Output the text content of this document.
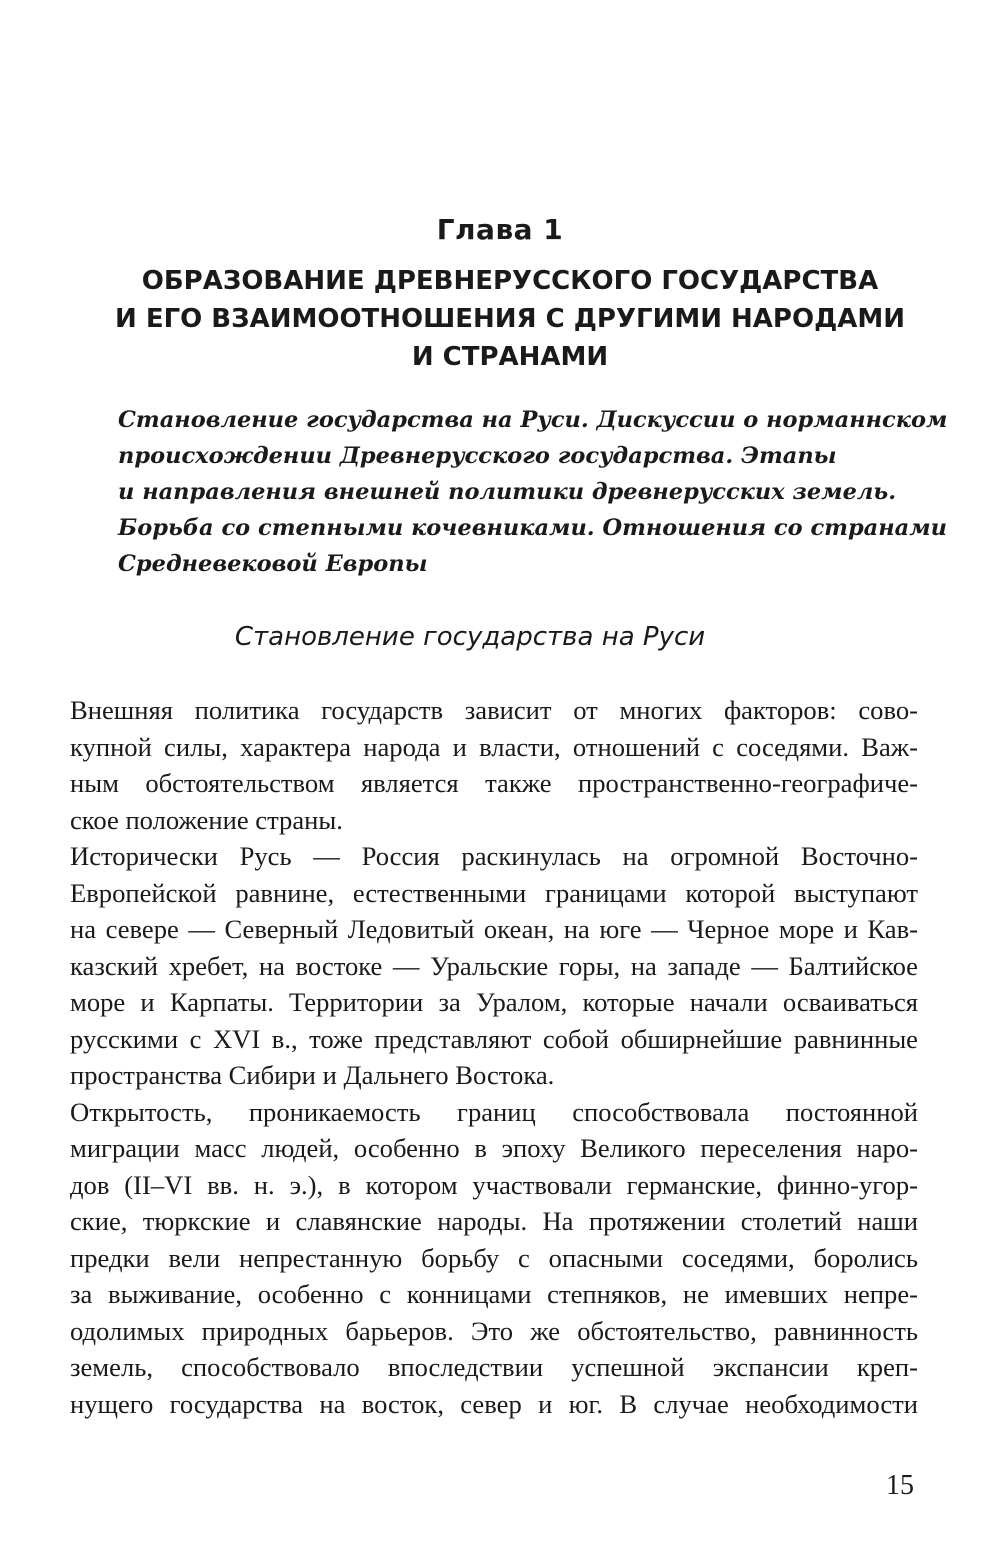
Глава 1
ОБРАЗОВАНИЕ ДРЕВНЕРУССКОГО ГОСУДАРСТВА
И ЕГО ВЗАИМООТНОШЕНИЯ С ДРУГИМИ НАРОДАМИ
И СТРАНАМИ
Становление государства на Руси. Дискуссии о норманнском
происхождении Древнерусского государства. Этапы
и направления внешней политики древнерусских земель.
Борьба со степными кочевниками. Отношения со странами
Средневековой Европы
Становление государства на Руси

Внешняя политика государств зависит от многих факторов: сово-
купной силы, характера народа и власти, отношений с соседями. Важ-
ным обстоятельством является также пространственно-географиче-
ское положение страны.

Исторически Русь — Россия раскинулась на огромной Восточно-
Европейской равнине, естественными границами которой выступают
на севере — Северный Ледовитый океан, на юге — Черное море и Кав-
казский хребет, на востоке — Уральские горы, на западе — Балтийское
море и Карпаты. Территории за Уралом, которые начали осваиваться
русскими с XVI в., тоже представляют собой обширнейшие равнинные
пространства Сибири и Дальнего Востока.

Открытость, проникаемость границ способствовала постоянной
миграции масс людей, особенно в эпоху Великого переселения наро-
дов (II–VI вв. н. э.), в котором участвовали германские, финно-угор-
ские, тюркские и славянские народы. На протяжении столетий наши
предки вели непрестанную борьбу с опасными соседями, боролись
за выживание, особенно с конницами степняков, не имевших непре-
одолимых природных барьеров. Это же обстоятельство, равнинность
земель, способствовало впоследствии успешной экспансии креп-
нущего государства на восток, север и юг. В случае необходимости

15
